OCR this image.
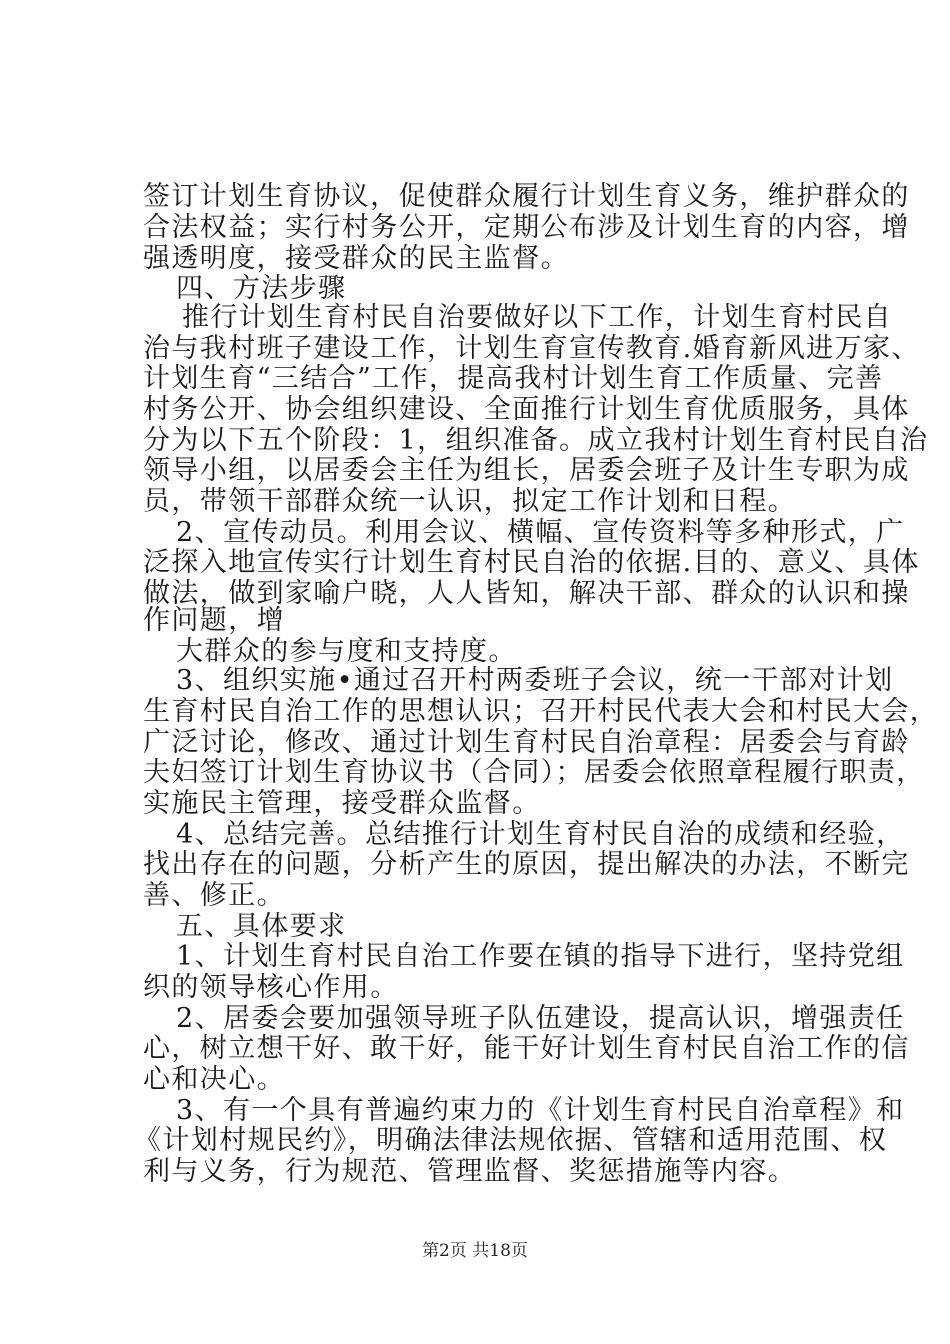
签订计划生育协议，促使群众履行计划生育义务，维护群众的
合法权益；实行村务公开，定期公布涉及计划生育的内容，增
强透明度，接受群众的民主监督。
四、方法步骤
推行计划生育村民自治要做好以下工作，计划生育村民自
治与我村班子建设工作，计划生育宣传教育.婚育新风进万家、
计划生育“三结合”工作，提高我村计划生育工作质量、完善
村务公开、协会组织建设、全面推行计划生育优质服务，具体
分为以下五个阶段：1，组织准备。成立我村计划生育村民自治
领导小组，以居委会主任为组长，居委会班子及计生专职为成
员，带领干部群众统一认识，拟定工作计划和日程。
2、宣传动员。利用会议、横幅、宣传资料等多种形式，广
泛探入地宣传实行计划生育村民自治的依据.目的、意义、具体
做法，做到家喻户晓，人人皆知，解决干部、群众的认识和操
作问题，增
大群众的参与度和支持度。
3、组织实施•通过召开村两委班子会议，统一干部对计划
生育村民自治工作的思想认识；召开村民代表大会和村民大会，
广泛讨论，修改、通过计划生育村民自治章程：居委会与育龄
夫妇签订计划生育协议书（合同）；居委会依照章程履行职责，
实施民主管理，接受群众监督。
4、总结完善。总结推行计划生育村民自治的成绩和经验，
找出存在的问题，分析产生的原因，提出解决的办法，不断完
善、修正。
五、具体要求
1、计划生育村民自治工作要在镇的指导下进行，坚持党组
织的领导核心作用。
2、居委会要加强领导班子队伍建设，提高认识，增强责任
心，树立想干好、敢干好，能干好计划生育村民自治工作的信
心和决心。
3、有一个具有普遍约束力的《计划生育村民自治章程》和
《计划村规民约》，明确法律法规依据、管辖和适用范围、权
利与义务，行为规范、管理监督、奖惩措施等内容。
第2页 共18页
